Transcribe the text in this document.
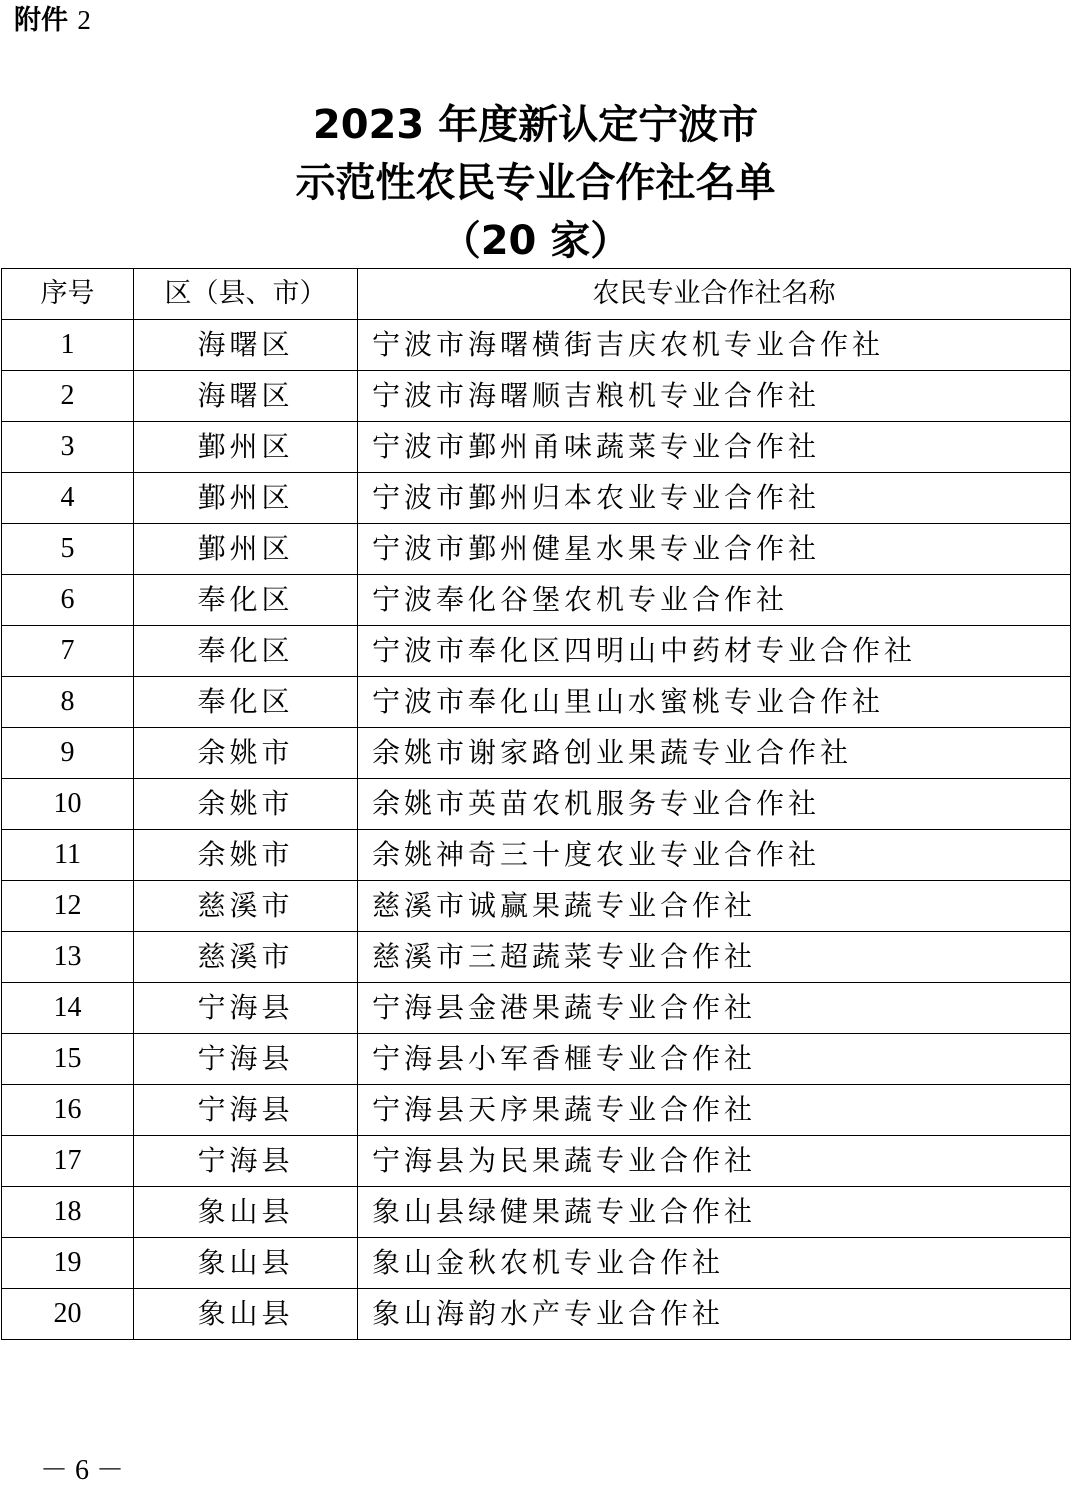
附件 2
2023 年度新认定宁波市
示范性农民专业合作社名单
（20 家）
序号	区（县、市）	农民专业合作社名称
1	海曙区	宁波市海曙横街吉庆农机专业合作社
2	海曙区	宁波市海曙顺吉粮机专业合作社
3	鄞州区	宁波市鄞州甬味蔬菜专业合作社
4	鄞州区	宁波市鄞州归本农业专业合作社
5	鄞州区	宁波市鄞州健星水果专业合作社
6	奉化区	宁波奉化谷堡农机专业合作社
7	奉化区	宁波市奉化区四明山中药材专业合作社
8	奉化区	宁波市奉化山里山水蜜桃专业合作社
9	余姚市	余姚市谢家路创业果蔬专业合作社
10	余姚市	余姚市英苗农机服务专业合作社
11	余姚市	余姚神奇三十度农业专业合作社
12	慈溪市	慈溪市诚赢果蔬专业合作社
13	慈溪市	慈溪市三超蔬菜专业合作社
14	宁海县	宁海县金港果蔬专业合作社
15	宁海县	宁海县小军香榧专业合作社
16	宁海县	宁海县天序果蔬专业合作社
17	宁海县	宁海县为民果蔬专业合作社
18	象山县	象山县绿健果蔬专业合作社
19	象山县	象山金秋农机专业合作社
20	象山县	象山海韵水产专业合作社
－ 6 －
